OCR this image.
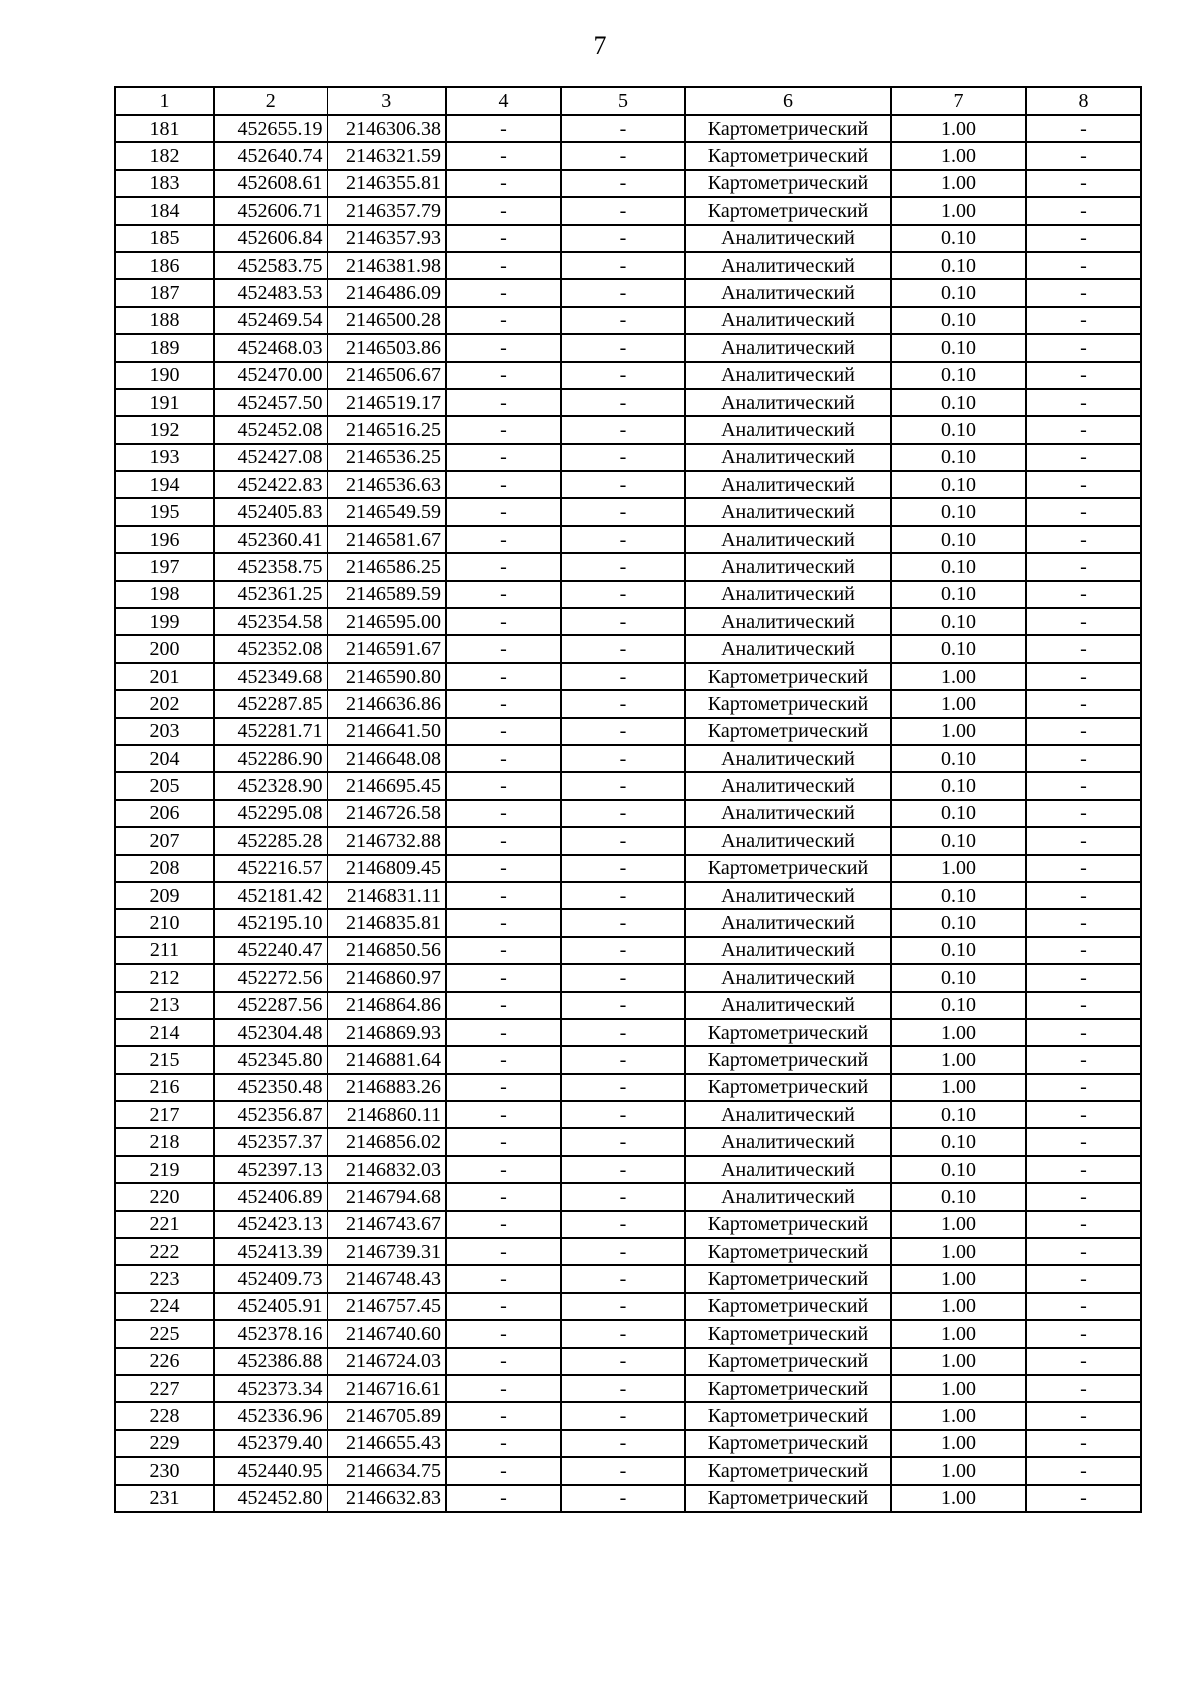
7
1	2	3	4	5	6	7	8
181	452655.19	2146306.38	-	-	Картометрический	1.00	-
182	452640.74	2146321.59	-	-	Картометрический	1.00	-
183	452608.61	2146355.81	-	-	Картометрический	1.00	-
184	452606.71	2146357.79	-	-	Картометрический	1.00	-
185	452606.84	2146357.93	-	-	Аналитический	0.10	-
186	452583.75	2146381.98	-	-	Аналитический	0.10	-
187	452483.53	2146486.09	-	-	Аналитический	0.10	-
188	452469.54	2146500.28	-	-	Аналитический	0.10	-
189	452468.03	2146503.86	-	-	Аналитический	0.10	-
190	452470.00	2146506.67	-	-	Аналитический	0.10	-
191	452457.50	2146519.17	-	-	Аналитический	0.10	-
192	452452.08	2146516.25	-	-	Аналитический	0.10	-
193	452427.08	2146536.25	-	-	Аналитический	0.10	-
194	452422.83	2146536.63	-	-	Аналитический	0.10	-
195	452405.83	2146549.59	-	-	Аналитический	0.10	-
196	452360.41	2146581.67	-	-	Аналитический	0.10	-
197	452358.75	2146586.25	-	-	Аналитический	0.10	-
198	452361.25	2146589.59	-	-	Аналитический	0.10	-
199	452354.58	2146595.00	-	-	Аналитический	0.10	-
200	452352.08	2146591.67	-	-	Аналитический	0.10	-
201	452349.68	2146590.80	-	-	Картометрический	1.00	-
202	452287.85	2146636.86	-	-	Картометрический	1.00	-
203	452281.71	2146641.50	-	-	Картометрический	1.00	-
204	452286.90	2146648.08	-	-	Аналитический	0.10	-
205	452328.90	2146695.45	-	-	Аналитический	0.10	-
206	452295.08	2146726.58	-	-	Аналитический	0.10	-
207	452285.28	2146732.88	-	-	Аналитический	0.10	-
208	452216.57	2146809.45	-	-	Картометрический	1.00	-
209	452181.42	2146831.11	-	-	Аналитический	0.10	-
210	452195.10	2146835.81	-	-	Аналитический	0.10	-
211	452240.47	2146850.56	-	-	Аналитический	0.10	-
212	452272.56	2146860.97	-	-	Аналитический	0.10	-
213	452287.56	2146864.86	-	-	Аналитический	0.10	-
214	452304.48	2146869.93	-	-	Картометрический	1.00	-
215	452345.80	2146881.64	-	-	Картометрический	1.00	-
216	452350.48	2146883.26	-	-	Картометрический	1.00	-
217	452356.87	2146860.11	-	-	Аналитический	0.10	-
218	452357.37	2146856.02	-	-	Аналитический	0.10	-
219	452397.13	2146832.03	-	-	Аналитический	0.10	-
220	452406.89	2146794.68	-	-	Аналитический	0.10	-
221	452423.13	2146743.67	-	-	Картометрический	1.00	-
222	452413.39	2146739.31	-	-	Картометрический	1.00	-
223	452409.73	2146748.43	-	-	Картометрический	1.00	-
224	452405.91	2146757.45	-	-	Картометрический	1.00	-
225	452378.16	2146740.60	-	-	Картометрический	1.00	-
226	452386.88	2146724.03	-	-	Картометрический	1.00	-
227	452373.34	2146716.61	-	-	Картометрический	1.00	-
228	452336.96	2146705.89	-	-	Картометрический	1.00	-
229	452379.40	2146655.43	-	-	Картометрический	1.00	-
230	452440.95	2146634.75	-	-	Картометрический	1.00	-
231	452452.80	2146632.83	-	-	Картометрический	1.00	-
